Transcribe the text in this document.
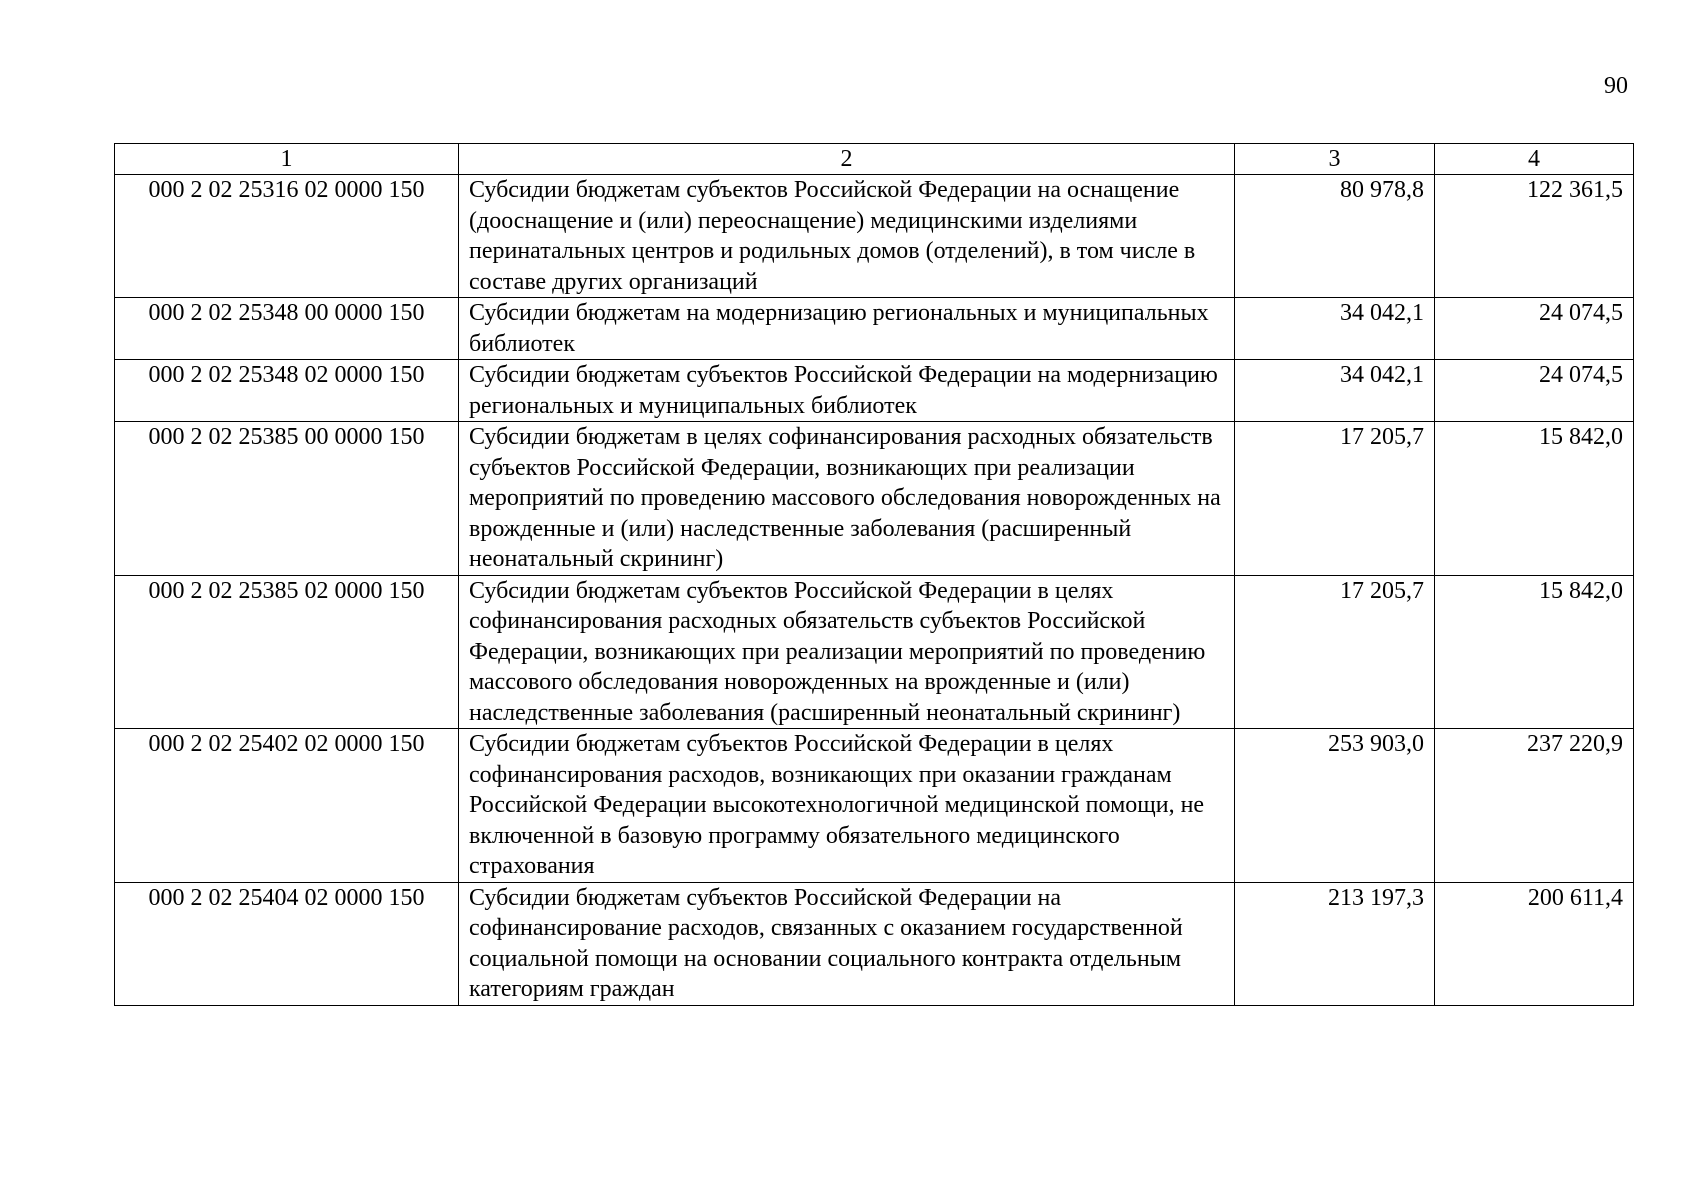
90
1	2	3	4
000 2 02 25316 02 0000 150	Субсидии бюджетам субъектов Российской Федерации на оснащение (дооснащение и (или) переоснащение) медицинскими изделиями перинатальных центров и родильных домов (отделений), в том числе в составе других организаций	80 978,8	122 361,5
000 2 02 25348 00 0000 150	Субсидии бюджетам на модернизацию региональных и муниципальных библиотек	34 042,1	24 074,5
000 2 02 25348 02 0000 150	Субсидии бюджетам субъектов Российской Федерации на модернизацию региональных и муниципальных библиотек	34 042,1	24 074,5
000 2 02 25385 00 0000 150	Субсидии бюджетам в целях софинансирования расходных обязательств субъектов Российской Федерации, возникающих при реализации мероприятий по проведению массового обследования новорожденных на врожденные и (или) наследственные заболевания (расширенный неонатальный скрининг)	17 205,7	15 842,0
000 2 02 25385 02 0000 150	Субсидии бюджетам субъектов Российской Федерации в целях софинансирования расходных обязательств субъектов Российской Федерации, возникающих при реализации мероприятий по проведению массового обследования новорожденных на врожденные и (или) наследственные заболевания (расширенный неонатальный скрининг)	17 205,7	15 842,0
000 2 02 25402 02 0000 150	Субсидии бюджетам субъектов Российской Федерации в целях софинансирования расходов, возникающих при оказании гражданам Российской Федерации высокотехнологичной медицинской помощи, не включенной в базовую программу обязательного медицинского страхования	253 903,0	237 220,9
000 2 02 25404 02 0000 150	Субсидии бюджетам субъектов Российской Федерации на софинансирование расходов, связанных с оказанием государственной социальной помощи на основании социального контракта отдельным категориям граждан	213 197,3	200 611,4
